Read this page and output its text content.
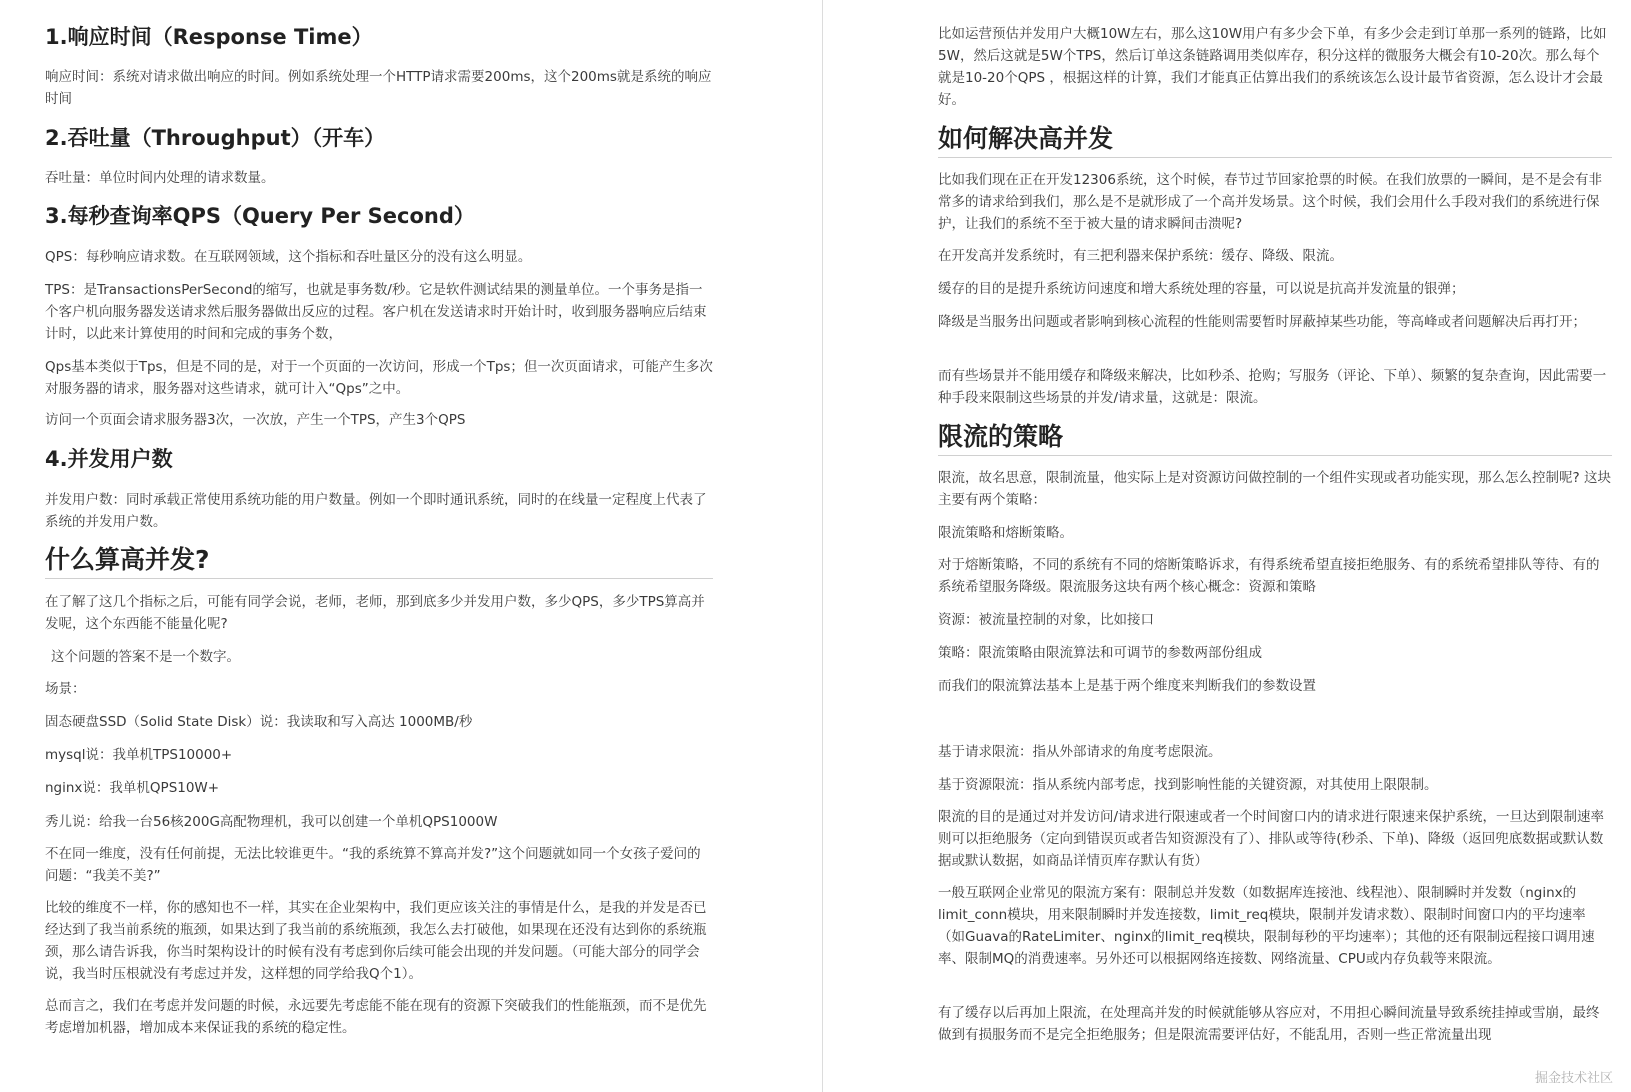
1.响应时间（Response Time）

响应时间：系统对请求做出响应的时间。例如系统处理一个HTTP请求需要200ms，这个200ms就是系统的响应时间

2.吞吐量（Throughput）（开车）

吞吐量：单位时间内处理的请求数量。

3.每秒查询率QPS（Query Per Second）

QPS：每秒响应请求数。在互联网领域，这个指标和吞吐量区分的没有这么明显。

TPS：是TransactionsPerSecond的缩写，也就是事务数/秒。它是软件测试结果的测量单位。一个事务是指一个客户机向服务器发送请求然后服务器做出反应的过程。客户机在发送请求时开始计时，收到服务器响应后结束计时，以此来计算使用的时间和完成的事务个数，

Qps基本类似于Tps，但是不同的是，对于一个页面的一次访问，形成一个Tps；但一次页面请求，可能产生多次对服务器的请求，服务器对这些请求，就可计入“Qps”之中。

访问一个页面会请求服务器3次，一次放，产生一个TPS，产生3个QPS

4.并发用户数

并发用户数：同时承载正常使用系统功能的用户数量。例如一个即时通讯系统，同时的在线量一定程度上代表了系统的并发用户数。

什么算高并发?

在了解了这几个指标之后，可能有同学会说，老师，老师，那到底多少并发用户数，多少QPS，多少TPS算高并发呢，这个东西能不能量化呢?

这个问题的答案不是一个数字。

场景：

固态硬盘SSD（Solid State Disk）说：我读取和写入高达 1000MB/秒

mysql说：我单机TPS10000+

nginx说：我单机QPS10W+

秀儿说：给我一台56核200G高配物理机，我可以创建一个单机QPS1000W

不在同一维度，没有任何前提，无法比较谁更牛。“我的系统算不算高并发?”这个问题就如同一个女孩子爱问的问题：“我美不美?”

比较的维度不一样，你的感知也不一样，其实在企业架构中，我们更应该关注的事情是什么，是我的并发是否已经达到了我当前系统的瓶颈，如果达到了我当前的系统瓶颈，我怎么去打破他，如果现在还没有达到你的系统瓶颈，那么请告诉我，你当时架构设计的时候有没有考虑到你后续可能会出现的并发问题。（可能大部分的同学会说，我当时压根就没有考虑过并发，这样想的同学给我Q个1）。

总而言之，我们在考虑并发问题的时候，永远要先考虑能不能在现有的资源下突破我们的性能瓶颈，而不是优先考虑增加机器，增加成本来保证我的系统的稳定性。

比如运营预估并发用户大概10W左右，那么这10W用户有多少会下单，有多少会走到订单那一系列的链路，比如5W，然后这就是5W个TPS，然后订单这条链路调用类似库存，积分这样的微服务大概会有10-20次。那么每个就是10-20个QPS ，根据这样的计算，我们才能真正估算出我们的系统该怎么设计最节省资源，怎么设计才会最好。

如何解决高并发

比如我们现在正在开发12306系统，这个时候，春节过节回家抢票的时候。在我们放票的一瞬间，是不是会有非常多的请求给到我们，那么是不是就形成了一个高并发场景。这个时候，我们会用什么手段对我们的系统进行保护，让我们的系统不至于被大量的请求瞬间击溃呢?

在开发高并发系统时，有三把利器来保护系统：缓存、降级、限流。

缓存的目的是提升系统访问速度和增大系统处理的容量，可以说是抗高并发流量的银弹；

降级是当服务出问题或者影响到核心流程的性能则需要暂时屏蔽掉某些功能，等高峰或者问题解决后再打开；

而有些场景并不能用缓存和降级来解决，比如秒杀、抢购；写服务（评论、下单）、频繁的复杂查询，因此需要一种手段来限制这些场景的并发/请求量，这就是：限流。

限流的策略

限流，故名思意，限制流量，他实际上是对资源访问做控制的一个组件实现或者功能实现，那么怎么控制呢? 这块主要有两个策略：

限流策略和熔断策略。

对于熔断策略，不同的系统有不同的熔断策略诉求，有得系统希望直接拒绝服务、有的系统希望排队等待、有的系统希望服务降级。限流服务这块有两个核心概念：资源和策略

资源：被流量控制的对象，比如接口

策略：限流策略由限流算法和可调节的参数两部份组成

而我们的限流算法基本上是基于两个维度来判断我们的参数设置

基于请求限流：指从外部请求的角度考虑限流。

基于资源限流：指从系统内部考虑，找到影响性能的关键资源，对其使用上限限制。

限流的目的是通过对并发访问/请求进行限速或者一个时间窗口内的请求进行限速来保护系统，一旦达到限制速率则可以拒绝服务（定向到错误页或者告知资源没有了）、排队或等待(秒杀、下单)、降级（返回兜底数据或默认数据或默认数据，如商品详情页库存默认有货）

一般互联网企业常见的限流方案有：限制总并发数（如数据库连接池、线程池）、限制瞬时并发数（nginx的limit_conn模块，用来限制瞬时并发连接数，limit_req模块，限制并发请求数）、限制时间窗口内的平均速率（如Guava的RateLimiter、nginx的limit_req模块，限制每秒的平均速率）；其他的还有限制远程接口调用速率、限制MQ的消费速率。另外还可以根据网络连接数、网络流量、CPU或内存负载等来限流。

有了缓存以后再加上限流，在处理高并发的时候就能够从容应对，不用担心瞬间流量导致系统挂掉或雪崩，最终做到有损服务而不是完全拒绝服务；但是限流需要评估好，不能乱用，否则一些正常流量出现

掘金技术社区
